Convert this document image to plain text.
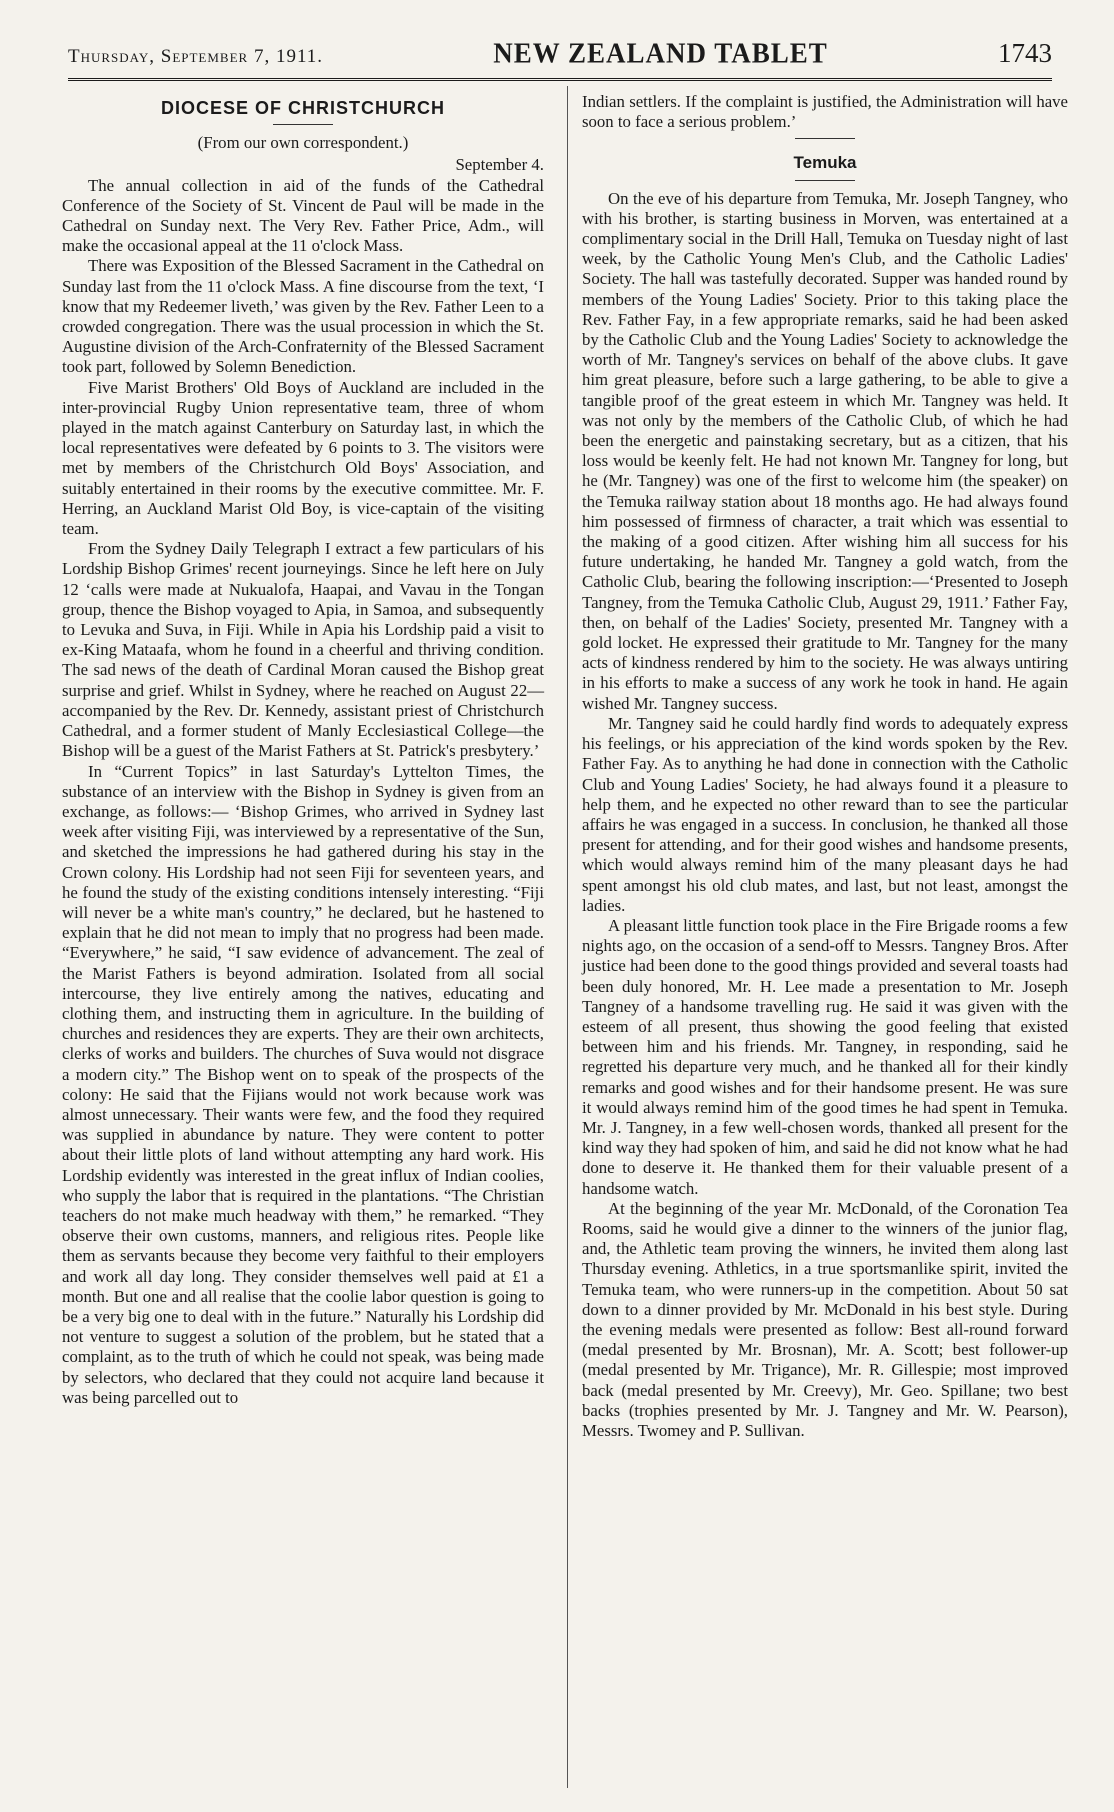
Thursday, September 7, 1911.	NEW ZEALAND TABLET	1743
DIOCESE OF CHRISTCHURCH
(From our own correspondent.)

September 4.

The annual collection in aid of the funds of the Cathedral Conference of the Society of St. Vincent de Paul will be made in the Cathedral on Sunday next. The Very Rev. Father Price, Adm., will make the occasional appeal at the 11 o'clock Mass.

There was Exposition of the Blessed Sacrament in the Cathedral on Sunday last from the 11 o'clock Mass. A fine discourse from the text, ‘I know that my Redeemer liveth,’ was given by the Rev. Father Leen to a crowded congregation. There was the usual procession in which the St. Augustine division of the Arch-Confraternity of the Blessed Sacrament took part, followed by Solemn Benediction.

Five Marist Brothers' Old Boys of Auckland are included in the inter-provincial Rugby Union representative team, three of whom played in the match against Canterbury on Saturday last, in which the local representatives were defeated by 6 points to 3. The visitors were met by members of the Christchurch Old Boys' Association, and suitably entertained in their rooms by the executive committee. Mr. F. Herring, an Auckland Marist Old Boy, is vice-captain of the visiting team.

From the Sydney Daily Telegraph I extract a few particulars of his Lordship Bishop Grimes' recent journeyings. Since he left here on July 12 ‘calls were made at Nukualofa, Haapai, and Vavau in the Tongan group, thence the Bishop voyaged to Apia, in Samoa, and subsequently to Levuka and Suva, in Fiji. While in Apia his Lordship paid a visit to ex-King Mataafa, whom he found in a cheerful and thriving condition. The sad news of the death of Cardinal Moran caused the Bishop great surprise and grief. Whilst in Sydney, where he reached on August 22—accompanied by the Rev. Dr. Kennedy, assistant priest of Christchurch Cathedral, and a former student of Manly Ecclesiastical College—the Bishop will be a guest of the Marist Fathers at St. Patrick's presbytery.’

In “Current Topics” in last Saturday's Lyttelton Times, the substance of an interview with the Bishop in Sydney is given from an exchange, as follows:— ‘Bishop Grimes, who arrived in Sydney last week after visiting Fiji, was interviewed by a representative of the Sun, and sketched the impressions he had gathered during his stay in the Crown colony. His Lordship had not seen Fiji for seventeen years, and he found the study of the existing conditions intensely interesting. “Fiji will never be a white man's country,” he declared, but he hastened to explain that he did not mean to imply that no progress had been made. “Everywhere,” he said, “I saw evidence of advancement. The zeal of the Marist Fathers is beyond admiration. Isolated from all social intercourse, they live entirely among the natives, educating and clothing them, and instructing them in agriculture. In the building of churches and residences they are experts. They are their own architects, clerks of works and builders. The churches of Suva would not disgrace a modern city.” The Bishop went on to speak of the prospects of the colony: He said that the Fijians would not work because work was almost unnecessary. Their wants were few, and the food they required was supplied in abundance by nature. They were content to potter about their little plots of land without attempting any hard work. His Lordship evidently was interested in the great influx of Indian coolies, who supply the labor that is required in the plantations. “The Christian teachers do not make much headway with them,” he remarked. “They observe their own customs, manners, and religious rites. People like them as servants because they become very faithful to their employers and work all day long. They consider themselves well paid at £1 a month. But one and all realise that the coolie labor question is going to be a very big one to deal with in the future.” Naturally his Lordship did not venture to suggest a solution of the problem, but he stated that a complaint, as to the truth of which he could not speak, was being made by selectors, who declared that they could not acquire land because it was being parcelled out to

Indian settlers. If the complaint is justified, the Administration will have soon to face a serious problem.’

Temuka

On the eve of his departure from Temuka, Mr. Joseph Tangney, who with his brother, is starting business in Morven, was entertained at a complimentary social in the Drill Hall, Temuka on Tuesday night of last week, by the Catholic Young Men's Club, and the Catholic Ladies' Society. The hall was tastefully decorated. Supper was handed round by members of the Young Ladies' Society. Prior to this taking place the Rev. Father Fay, in a few appropriate remarks, said he had been asked by the Catholic Club and the Young Ladies' Society to acknowledge the worth of Mr. Tangney's services on behalf of the above clubs. It gave him great pleasure, before such a large gathering, to be able to give a tangible proof of the great esteem in which Mr. Tangney was held. It was not only by the members of the Catholic Club, of which he had been the energetic and painstaking secretary, but as a citizen, that his loss would be keenly felt. He had not known Mr. Tangney for long, but he (Mr. Tangney) was one of the first to welcome him (the speaker) on the Temuka railway station about 18 months ago. He had always found him possessed of firmness of character, a trait which was essential to the making of a good citizen. After wishing him all success for his future undertaking, he handed Mr. Tangney a gold watch, from the Catholic Club, bearing the following inscription:—‘Presented to Joseph Tangney, from the Temuka Catholic Club, August 29, 1911.’ Father Fay, then, on behalf of the Ladies' Society, presented Mr. Tangney with a gold locket. He expressed their gratitude to Mr. Tangney for the many acts of kindness rendered by him to the society. He was always untiring in his efforts to make a success of any work he took in hand. He again wished Mr. Tangney success.

Mr. Tangney said he could hardly find words to adequately express his feelings, or his appreciation of the kind words spoken by the Rev. Father Fay. As to anything he had done in connection with the Catholic Club and Young Ladies' Society, he had always found it a pleasure to help them, and he expected no other reward than to see the particular affairs he was engaged in a success. In conclusion, he thanked all those present for attending, and for their good wishes and handsome presents, which would always remind him of the many pleasant days he had spent amongst his old club mates, and last, but not least, amongst the ladies.

A pleasant little function took place in the Fire Brigade rooms a few nights ago, on the occasion of a send-off to Messrs. Tangney Bros. After justice had been done to the good things provided and several toasts had been duly honored, Mr. H. Lee made a presentation to Mr. Joseph Tangney of a handsome travelling rug. He said it was given with the esteem of all present, thus showing the good feeling that existed between him and his friends. Mr. Tangney, in responding, said he regretted his departure very much, and he thanked all for their kindly remarks and good wishes and for their handsome present. He was sure it would always remind him of the good times he had spent in Temuka. Mr. J. Tangney, in a few well-chosen words, thanked all present for the kind way they had spoken of him, and said he did not know what he had done to deserve it. He thanked them for their valuable present of a handsome watch.

At the beginning of the year Mr. McDonald, of the Coronation Tea Rooms, said he would give a dinner to the winners of the junior flag, and, the Athletic team proving the winners, he invited them along last Thursday evening. Athletics, in a true sportsmanlike spirit, invited the Temuka team, who were runners-up in the competition. About 50 sat down to a dinner provided by Mr. McDonald in his best style. During the evening medals were presented as follow: Best all-round forward (medal presented by Mr. Brosnan), Mr. A. Scott; best follower-up (medal presented by Mr. Trigance), Mr. R. Gillespie; most improved back (medal presented by Mr. Creevy), Mr. Geo. Spillane; two best backs (trophies presented by Mr. J. Tangney and Mr. W. Pearson), Messrs. Twomey and P. Sullivan.
